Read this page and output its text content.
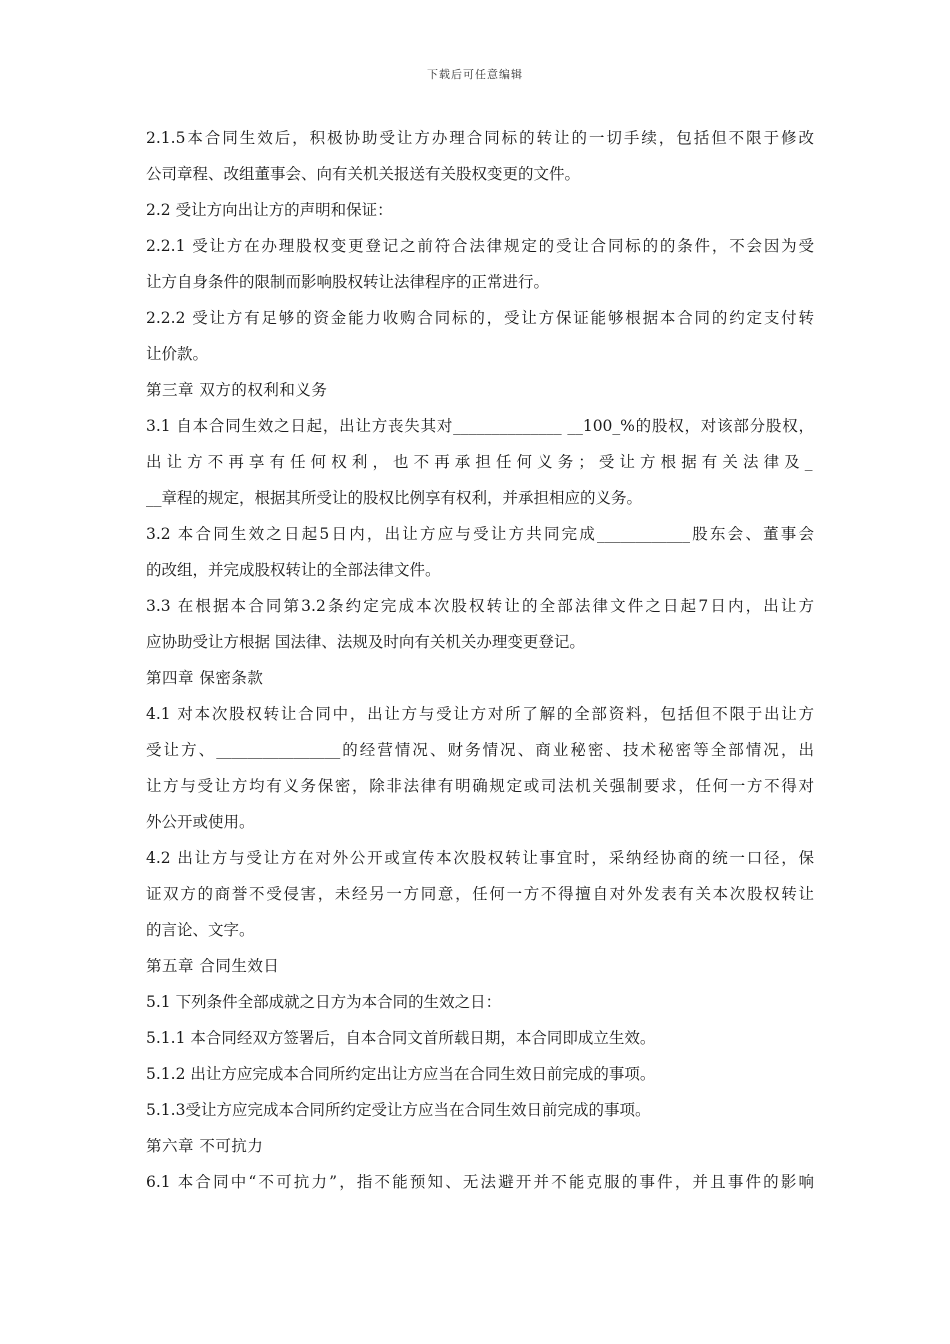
下载后可任意编辑
2.1.5本合同生效后，积极协助受让方办理合同标的转让的一切手续，包括但不限于修改
公司章程、改组董事会、向有关机关报送有关股权变更的文件。
2.2 受让方向出让方的声明和保证：
2.2.1 受让方在办理股权变更登记之前符合法律规定的受让合同标的的条件，不会因为受
让方自身条件的限制而影响股权转让法律程序的正常进行。
2.2.2 受让方有足够的资金能力收购合同标的，受让方保证能够根据本合同的约定支付转
让价款。
第三章 双方的权利和义务
3.1 自本合同生效之日起，出让方丧失其对______________ __100_%的股权，对该部分股权，
出让方不再享有任何权利，也不再承担任何义务；受让方根据有关法律及_
__章程的规定，根据其所受让的股权比例享有权利，并承担相应的义务。
3.2 本合同生效之日起5日内，出让方应与受让方共同完成____________股东会、董事会
的改组，并完成股权转让的全部法律文件。
3.3 在根据本合同第3.2条约定完成本次股权转让的全部法律文件之日起7日内，出让方
应协助受让方根据 国法律、法规及时向有关机关办理变更登记。
第四章 保密条款
4.1 对本次股权转让合同中，出让方与受让方对所了解的全部资料，包括但不限于出让方
受让方、________________的经营情况、财务情况、商业秘密、技术秘密等全部情况，出
让方与受让方均有义务保密，除非法律有明确规定或司法机关强制要求，任何一方不得对
外公开或使用。
4.2 出让方与受让方在对外公开或宣传本次股权转让事宜时，采纳经协商的统一口径，保
证双方的商誉不受侵害，未经另一方同意，任何一方不得擅自对外发表有关本次股权转让
的言论、文字。
第五章 合同生效日
5.1 下列条件全部成就之日方为本合同的生效之日：
5.1.1 本合同经双方签署后，自本合同文首所载日期，本合同即成立生效。
5.1.2 出让方应完成本合同所约定出让方应当在合同生效日前完成的事项。
5.1.3受让方应完成本合同所约定受让方应当在合同生效日前完成的事项。
第六章 不可抗力
6.1 本合同中“不可抗力”，指不能预知、无法避开并不能克服的事件，并且事件的影响
